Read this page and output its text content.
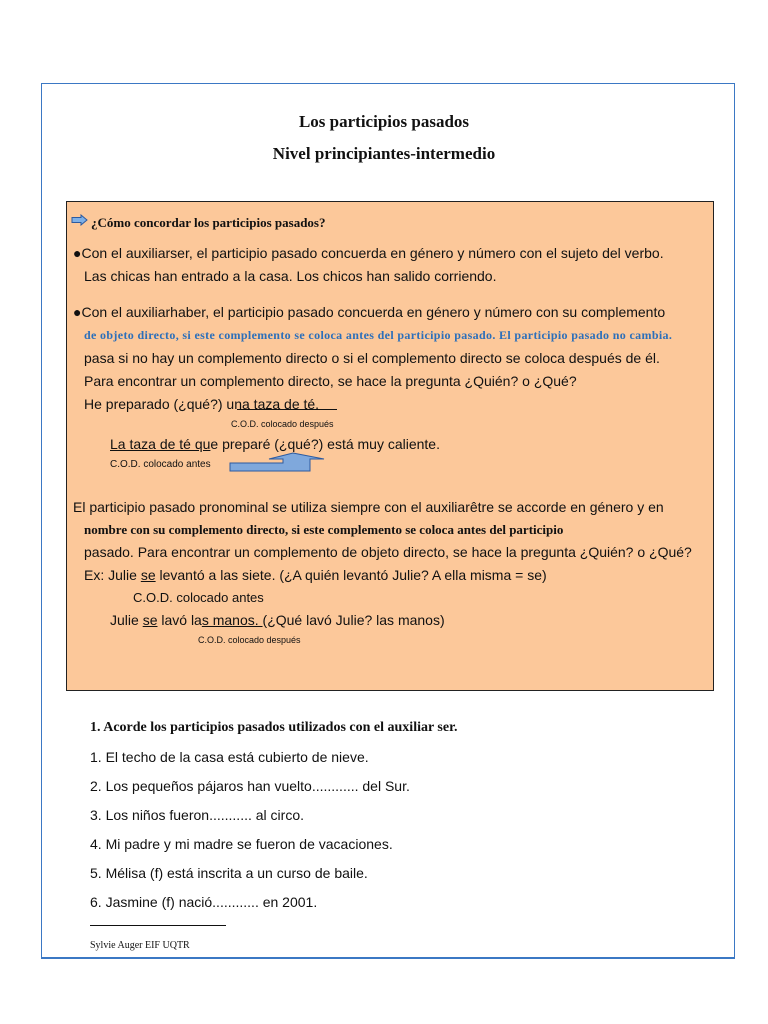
Los participios pasados
Nivel principiantes-intermedio
¿Cómo concordar los participios pasados?
●Con el auxiliarser, el participio pasado concuerda en género y número con el sujeto del verbo.
Las chicas han entrado a la casa. Los chicos han salido corriendo.
●Con el auxiliarhaber, el participio pasado concuerda en género y número con su complemento
de objeto directo, si este complemento se coloca antes del participio pasado. El participio pasado no cambia.
pasa si no hay un complemento directo o si el complemento directo se coloca después de él.
Para encontrar un complemento directo, se hace la pregunta ¿Quién? o ¿Qué?
He preparado (¿qué?) una taza de té.
C.O.D. colocado después
La taza de té que preparé (¿qué?) está muy caliente.
C.O.D. colocado antes
El participio pasado pronominal se utiliza siempre con el auxiliarêtre se accorde en género y en
nombre con su complemento directo, si este complemento se coloca antes del participio
pasado. Para encontrar un complemento de objeto directo, se hace la pregunta ¿Quién? o ¿Qué?
Ex: Julie se levantó a las siete. (¿A quién levantó Julie? A ella misma = se)
C.O.D. colocado antes
Julie se lavó las manos. (¿Qué lavó Julie? las manos)
C.O.D. colocado después
1. Acorde los participios pasados utilizados con el auxiliar ser.
1. El techo de la casa está cubierto de nieve.
2. Los pequeños pájaros han vuelto............ del Sur.
3. Los niños fueron........... al circo.
4. Mi padre y mi madre se fueron de vacaciones.
5. Mélisa (f) está inscrita a un curso de baile.
6. Jasmine (f) nació............ en 2001.
Sylvie Auger EIF UQTR
